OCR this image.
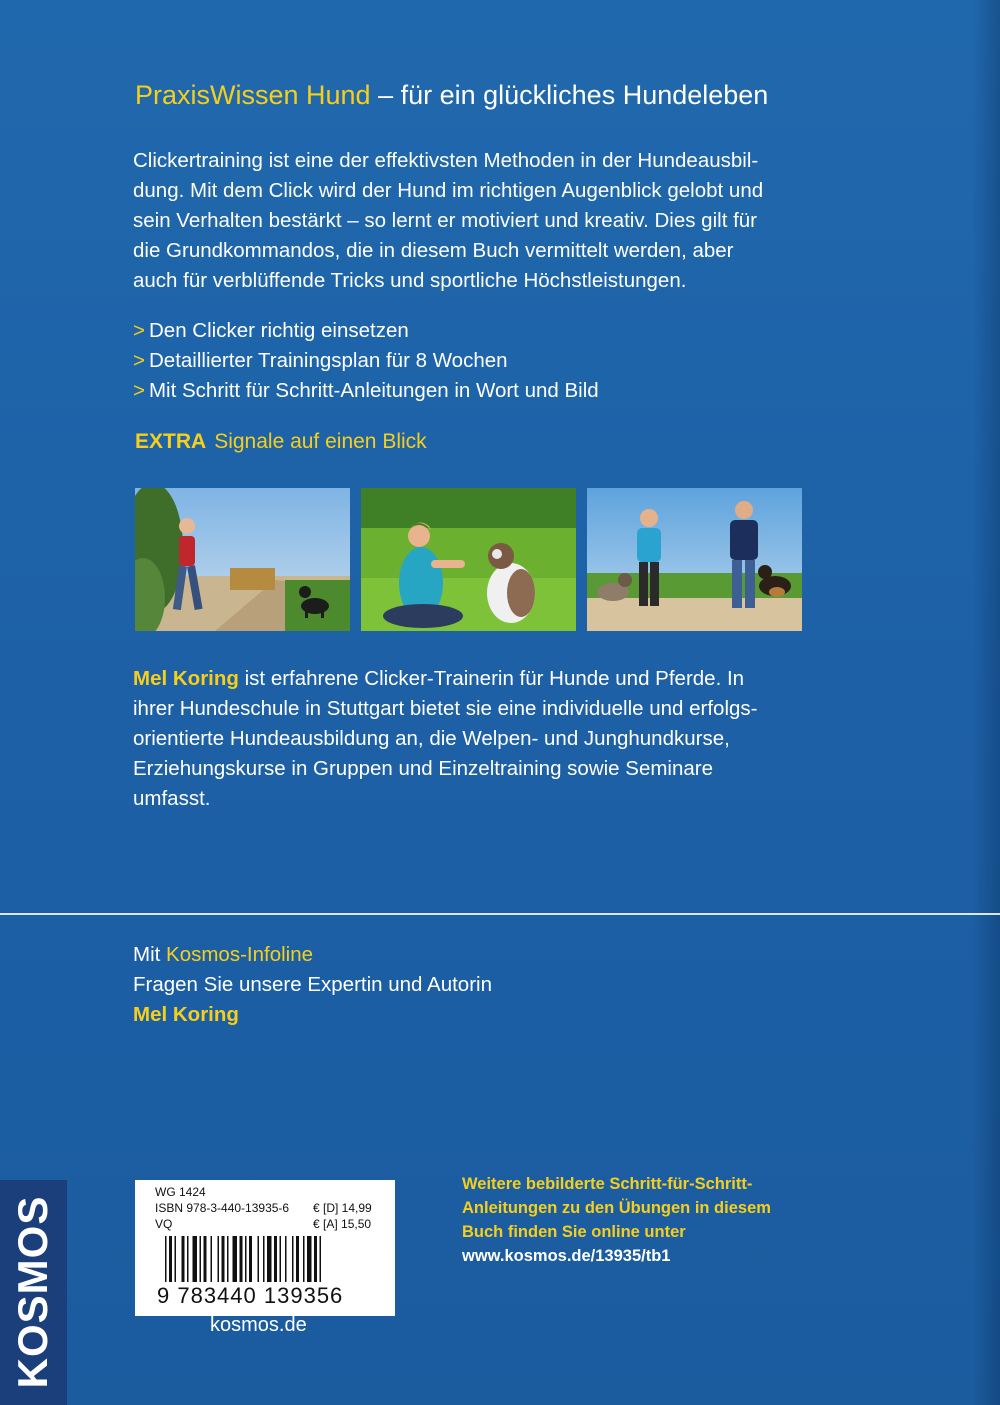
PraxisWissen Hund – für ein glückliches Hundeleben
Clickertraining ist eine der effektivsten Methoden in der Hundeausbil-
dung. Mit dem Click wird der Hund im richtigen Augenblick gelobt und
sein Verhalten bestärkt – so lernt er motiviert und kreativ. Dies gilt für
die Grundkommandos, die in diesem Buch vermittelt werden, aber
auch für verblüffende Tricks und sportliche Höchstleistungen.
> Den Clicker richtig einsetzen
> Detaillierter Trainingsplan für 8 Wochen
> Mit Schritt für Schritt-Anleitungen in Wort und Bild
EXTRA Signale auf einen Blick
Mel Koring ist erfahrene Clicker-Trainerin für Hunde und Pferde. In
ihrer Hundeschule in Stuttgart bietet sie eine individuelle und erfolgs-
orientierte Hundeausbildung an, die Welpen- und Junghundkurse,
Erziehungskurse in Gruppen und Einzeltraining sowie Seminare
umfasst.
Mit Kosmos-Infoline
Fragen Sie unsere Expertin und Autorin
Mel Koring
KOSMOS
WG 1424
ISBN 978-3-440-13935-6 € [D] 14,99
VQ	€ [A] 15,50
9 783440 139356
kosmos.de
Weitere bebilderte Schritt-für-Schritt-
Anleitungen zu den Übungen in diesem
Buch finden Sie online unter
www.kosmos.de/13935/tb1
